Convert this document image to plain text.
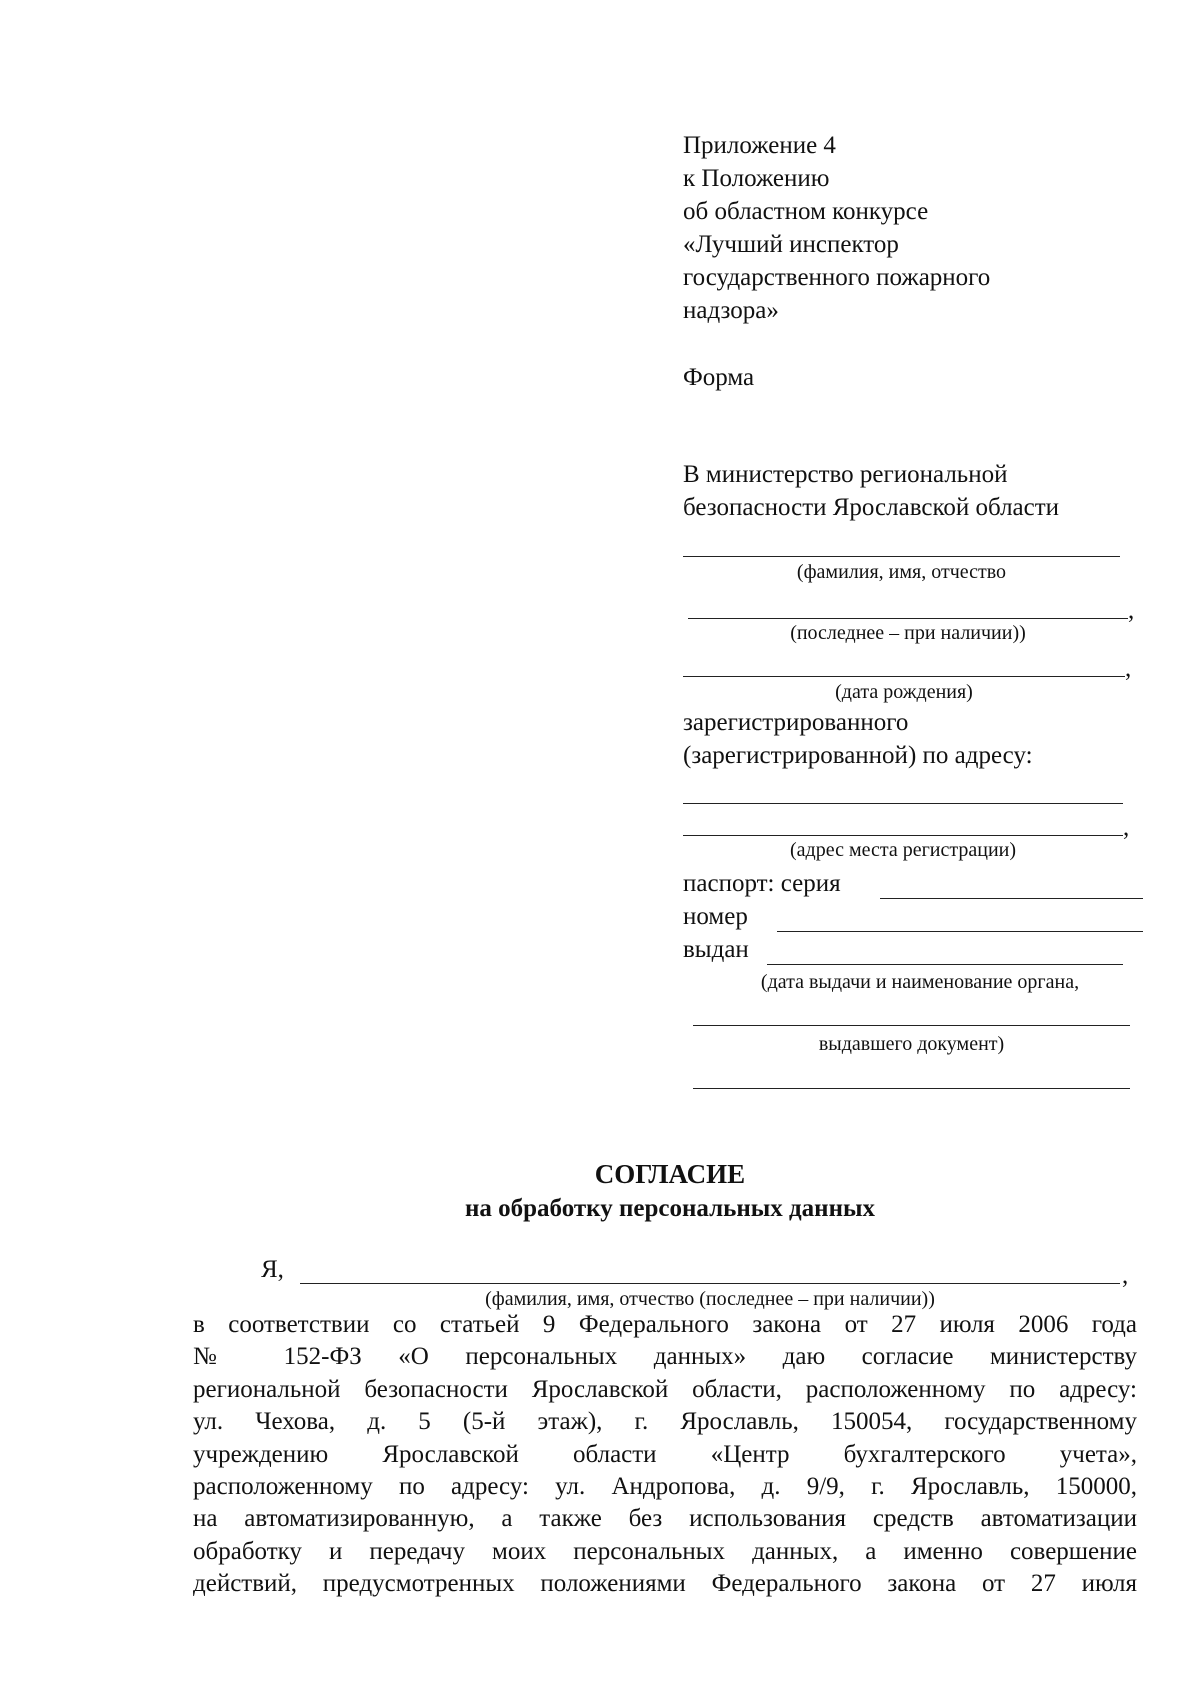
Приложение 4
к Положению
об областном конкурсе
«Лучший инспектор
государственного пожарного
надзора»
Форма
В министерство региональной
безопасности Ярославской области
(фамилия, имя, отчество
,
(последнее – при наличии))
,
(дата рождения)
зарегистрированного
(зарегистрированной) по адресу:
,
(адрес места регистрации)
паспорт: серия
номер
выдан
(дата выдачи и наименование органа,
выдавшего документ)
СОГЛАСИЕ
на обработку персональных данных
Я,	,
(фамилия, имя, отчество (последнее – при наличии))
в соответствии со статьей 9 Федерального закона от 27 июля 2006 года
№ 152-ФЗ «О персональных данных» даю согласие министерству
региональной безопасности Ярославской области, расположенному по адресу:
ул. Чехова, д. 5 (5-й этаж), г. Ярославль, 150054, государственному
учреждению Ярославской области «Центр бухгалтерского учета»,
расположенному по адресу: ул. Андропова, д. 9/9, г. Ярославль, 150000,
на автоматизированную, а также без использования средств автоматизации
обработку и передачу моих персональных данных, а именно совершение
действий, предусмотренных положениями Федерального закона от 27 июля
